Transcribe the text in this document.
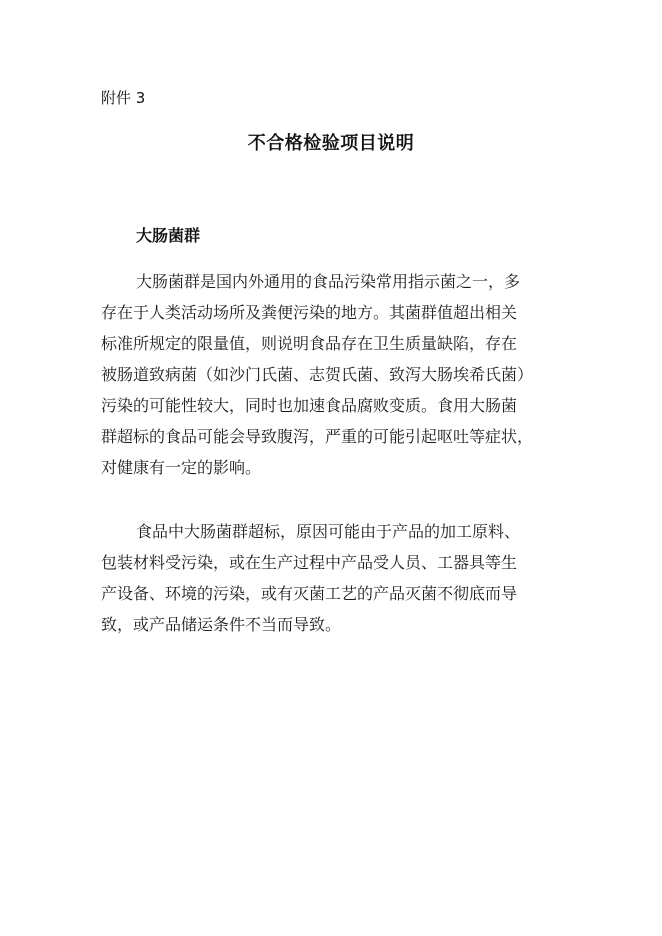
附件 3
不合格检验项目说明
大肠菌群
大肠菌群是国内外通用的食品污染常用指示菌之一，多
存在于人类活动场所及粪便污染的地方。其菌群值超出相关
标准所规定的限量值，则说明食品存在卫生质量缺陷，存在
被肠道致病菌（如沙门氏菌、志贺氏菌、致泻大肠埃希氏菌）
污染的可能性较大，同时也加速食品腐败变质。食用大肠菌
群超标的食品可能会导致腹泻，严重的可能引起呕吐等症状，
对健康有一定的影响。
食品中大肠菌群超标，原因可能由于产品的加工原料、
包装材料受污染，或在生产过程中产品受人员、工器具等生
产设备、环境的污染，或有灭菌工艺的产品灭菌不彻底而导
致，或产品储运条件不当而导致。
